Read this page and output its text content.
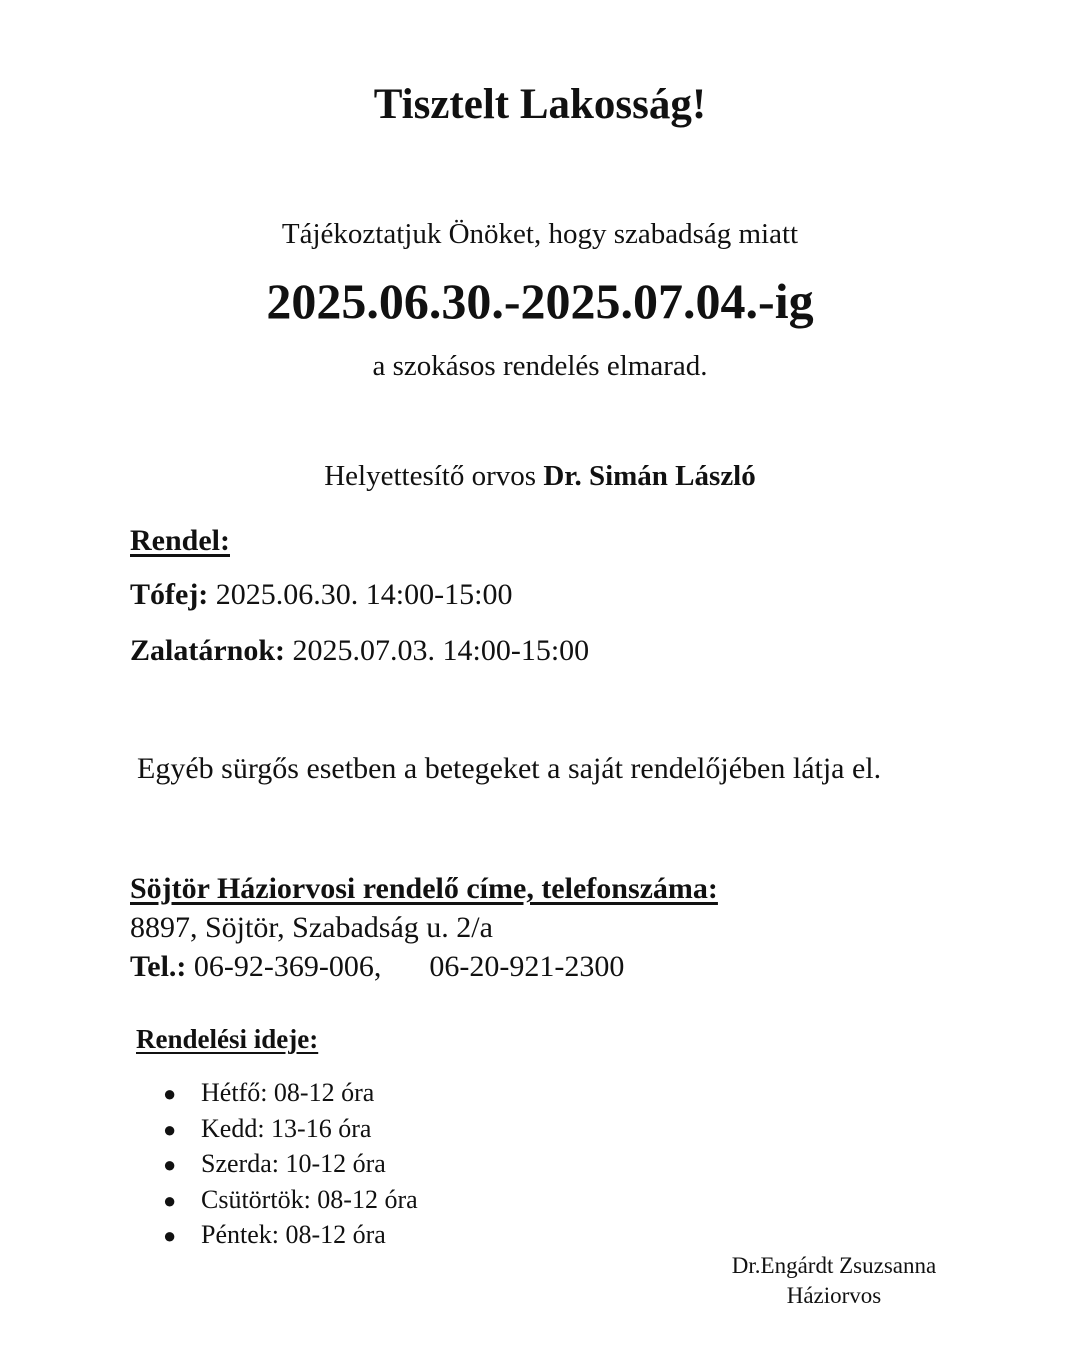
Tisztelt Lakosság!
Tájékoztatjuk Önöket, hogy szabadság miatt
2025.06.30.-2025.07.04.-ig
a szokásos rendelés elmarad.
Helyettesítő orvos Dr. Simán László
Rendel:
Tófej: 2025.06.30. 14:00-15:00
Zalatárnok: 2025.07.03. 14:00-15:00
Egyéb sürgős esetben a betegeket a saját rendelőjében látja el.
Söjtör Háziorvosi rendelő címe, telefonszáma:
8897, Söjtör, Szabadság u. 2/a
Tel.: 06-92-369-006, 06-20-921-2300
Rendelési ideje:
● Hétfő: 08-12 óra
● Kedd: 13-16 óra
● Szerda: 10-12 óra
● Csütörtök: 08-12 óra
● Péntek: 08-12 óra
Dr.Engárdt Zsuzsanna
Háziorvos
